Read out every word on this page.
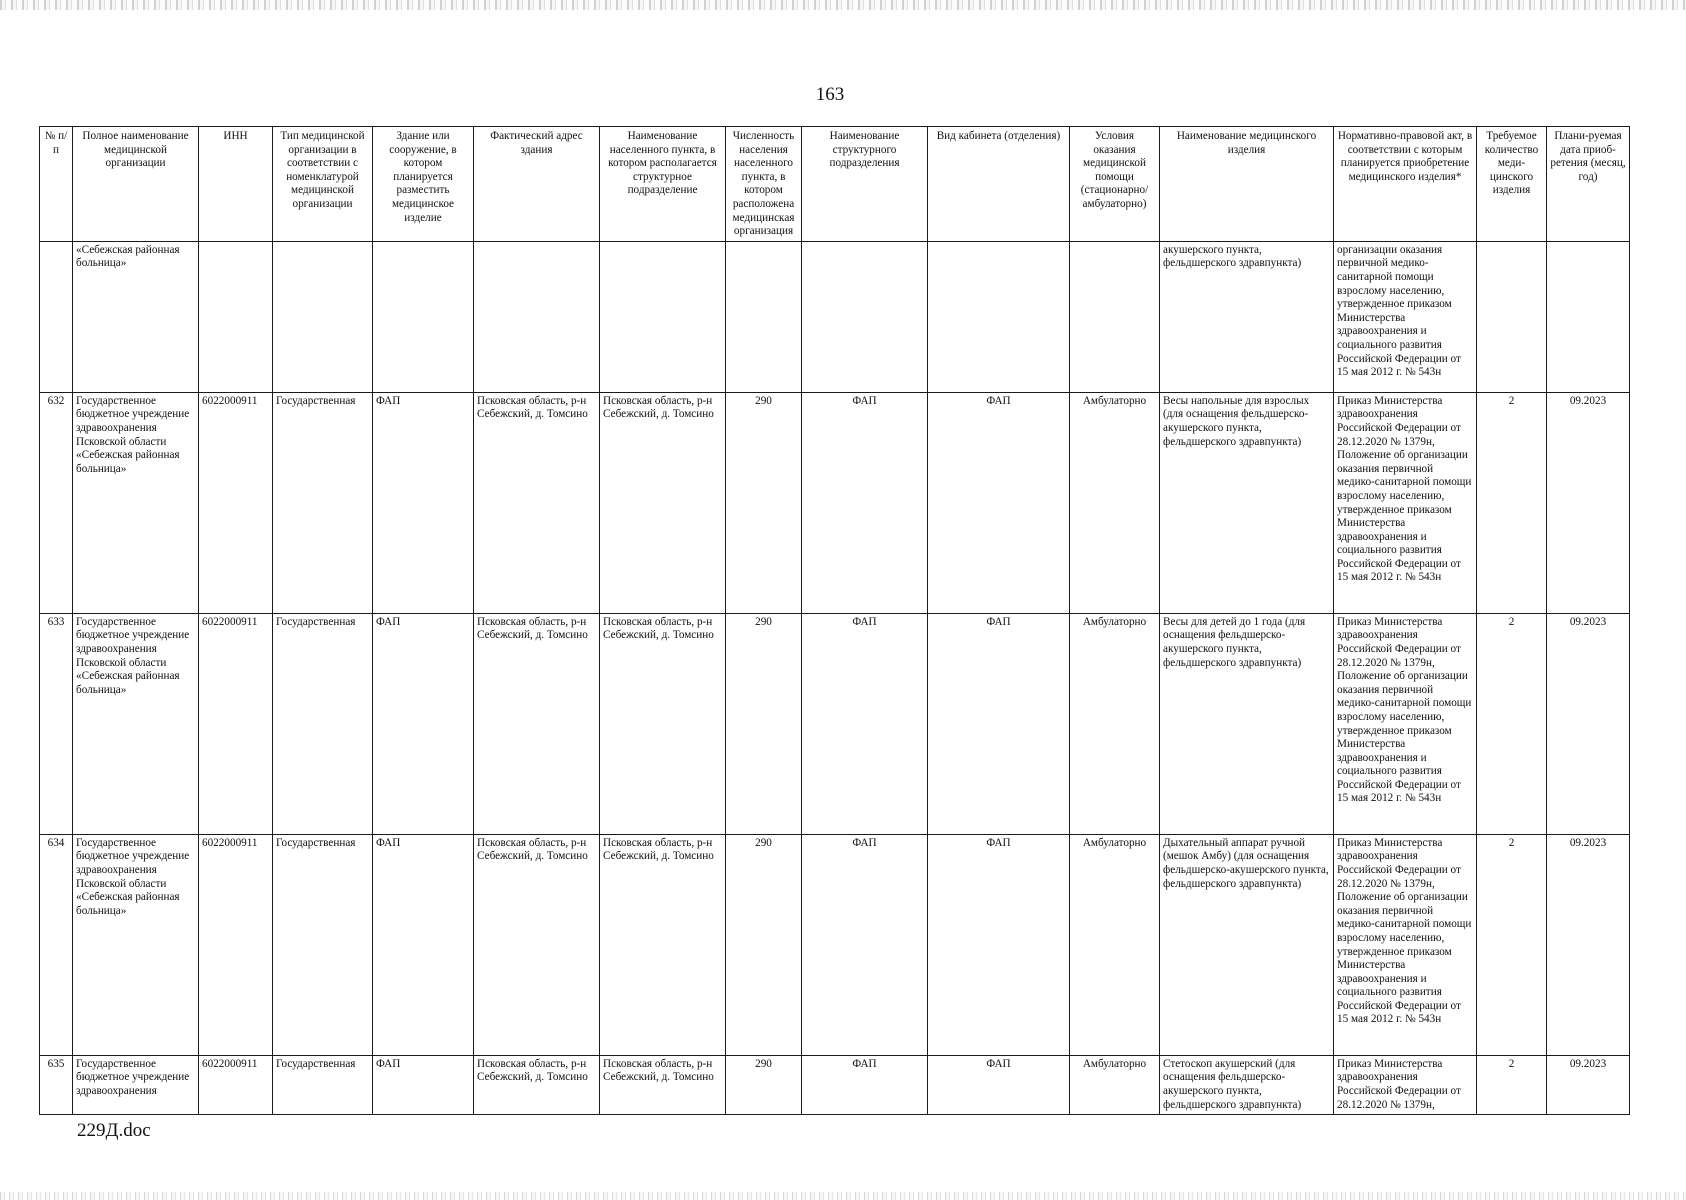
163
№ п/п	Полное наименование медицинской организации	ИНН	Тип медицинской организации в соответствии с номенклатурой медицинской организации	Здание или сооружение, в котором планируется разместить медицинское изделие	Фактический адрес здания	Наименование населенного пункта, в котором располагается структурное подразделение	Численность населения населенного пункта, в котором расположена медицинская организация	Наименование структурного подразделения	Вид кабинета (отделения)	Условия оказания медицинской помощи (стационарно/ амбулаторно)	Наименование медицинского изделия	Нормативно-правовой акт, в соответствии с которым планируется приобретение медицинского изделия*	Требуемое количество меди-цинского изделия	Плани-руемая дата приоб-ретения (месяц, год)
	«Себежская районная больница»										акушерского пункта, фельдшерского здравпункта)	организации оказания первичной медико-санитарной помощи взрослому населению, утвержденное приказом Министерства здравоохранения и социального развития Российской Федерации от 15 мая 2012 г. № 543н		
632	Государственное бюджетное учреждение здравоохранения Псковской области «Себежская районная больница»	6022000911	Государственная	ФАП	Псковская область, р-н Себежский, д. Томсино	Псковская область, р-н Себежский, д. Томсино	290	ФАП	ФАП	Амбулаторно	Весы напольные для взрослых (для оснащения фельдшерско-акушерского пункта, фельдшерского здравпункта)	Приказ Министерства здравоохранения Российской Федерации от 28.12.2020 № 1379н, Положение об организации оказания первичной медико-санитарной помощи взрослому населению, утвержденное приказом Министерства здравоохранения и социального развития Российской Федерации от 15 мая 2012 г. № 543н	2	09.2023
633	Государственное бюджетное учреждение здравоохранения Псковской области «Себежская районная больница»	6022000911	Государственная	ФАП	Псковская область, р-н Себежский, д. Томсино	Псковская область, р-н Себежский, д. Томсино	290	ФАП	ФАП	Амбулаторно	Весы для детей до 1 года (для оснащения фельдшерско-акушерского пункта, фельдшерского здравпункта)	Приказ Министерства здравоохранения Российской Федерации от 28.12.2020 № 1379н, Положение об организации оказания первичной медико-санитарной помощи взрослому населению, утвержденное приказом Министерства здравоохранения и социального развития Российской Федерации от 15 мая 2012 г. № 543н	2	09.2023
634	Государственное бюджетное учреждение здравоохранения Псковской области «Себежская районная больница»	6022000911	Государственная	ФАП	Псковская область, р-н Себежский, д. Томсино	Псковская область, р-н Себежский, д. Томсино	290	ФАП	ФАП	Амбулаторно	Дыхательный аппарат ручной (мешок Амбу) (для оснащения фельдшерско-акушерского пункта, фельдшерского здравпункта)	Приказ Министерства здравоохранения Российской Федерации от 28.12.2020 № 1379н, Положение об организации оказания первичной медико-санитарной помощи взрослому населению, утвержденное приказом Министерства здравоохранения и социального развития Российской Федерации от 15 мая 2012 г. № 543н	2	09.2023
635	Государственное бюджетное учреждение здравоохранения	6022000911	Государственная	ФАП	Псковская область, р-н Себежский, д. Томсино	Псковская область, р-н Себежский, д. Томсино	290	ФАП	ФАП	Амбулаторно	Стетоскоп акушерский (для оснащения фельдшерско-акушерского пункта, фельдшерского здравпункта)	Приказ Министерства здравоохранения Российской Федерации от 28.12.2020 № 1379н,	2	09.2023
229Д.doc
